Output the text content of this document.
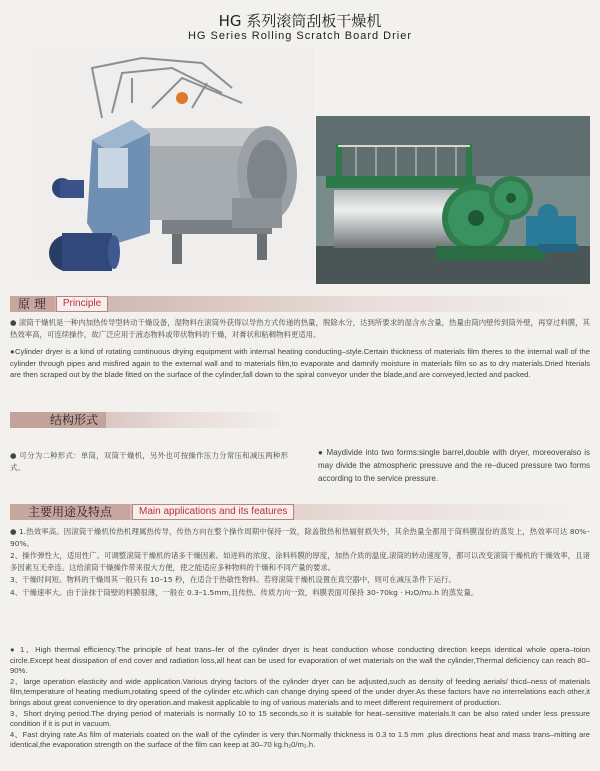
HG 系列滚筒刮板干燥机
HG Series Rolling Scratch Board Drier
原 理	Principle
● 滚筒干燥机是一种内加热传导型转动干燥设备，湿物料在滚筒外获得以导热方式传递的热量，脱除水分，达到所要求的湿含水含量，热量由筒内壁传到筒外壁，再穿过料膜，其热效率高，可连续操作，故广泛应用于液态物料或带状物料的干燥，对膏状和粘稠物料更适用。
●Cylinder dryer is a kind of rotating continuous drying equipment with internal heating conducting–style.Certain thickness of materials film theres to the internal wall of the cylinder through pipes and misfired again to the external wall and to materials film,to evaporate and damnify moisture in materials film so as to dry materials.Dried hterials are then scraped out by the blade fitted on the surface of the cylinder,fall down to the spiral conveyor under the blade,and are conveyed,lected and packed.
结构形式
● 可分为二种形式：单筒，双筒干燥机，另外也可按操作压力分常压和减压两种形式。
● Maydivide into two forms:single barrel,double with dryer, moreoveralso is may divide the atmospheric pressuve and the re–duced pressure two forms according to the service pressure.
主要用途及特点	Main applications and its features
● 1.热效率高。因滚筒干燥机传热机理属热传导，传热方向在整个操作周期中保持一致，除盖散热和热辐射损失外，其余热量全都用于筒料膜湿份的蒸发上，热效率可达 80%–90%。
2、操作弹性大，适用性广。可调整滚筒干燥机的诸多干燥因素。如进料的浓度、涂料料膜的厚度，加热介质的温度,滚筒的转动速度等，都可以改变滚筒干燥机的干燥效率，且诸多因素互无牵连。这给滚筒干燥操作带来很大方便，使之能适应多种物料的干燥和不同产量的要求。
3、干燥时间短。物料的干燥周其一般只有 10–15 秒，在适合于热敏性物料。若将滚筒干燥机设置在真空器中，则可在减压条件下运行。
4、干燥速率大。由于涂抹于筒壁的料膜很薄，一般在 0.3–1.5mm,且传热、传质方向一致，料膜表面可保持 30–70kg · H₂O/m₂.h 的蒸发量。
● 1、High thermal efficiency.The principle of heat trans–fer of the cylinder dryer is heat conduction whose conducting direction keeps identical whole opera–toion circle.Except heat dissipation of end cover and radiation loss,all heat can be used for evaporation of wet materials on the wall the cylinder,Thermal deficiency can reach 80–90%.
2、large operation elasticity and wide application.Various drying factors of the cylinder dryer can be adjusted,such as density of feeding aerials/ thicd–ness of materials film,temperature of heating medium,rotating speed of the cylinder etc.which can change drying speed of the under dryer.As these factors have no interrelations each other,it brings about great convenience to dry operation.and makesit applicable to ing of various materials and to meet different requirement of production.
3、Short drying period.The drying period of materials is normally 10 to 15 seconds,so it is suitable for heat–sensitive materials.It can be also rated under less pressure condition if it is put in vacuum.
4、Fast drying rate.As film of materials coated on the wall of the cylinder is very thin.Normally thickness is 0.3 to 1.5 mm .plus directions heat and mass trans–mitting are identical,the evaporation strength on the surface of the film can keep at 30–70 kg.h₂0/m₂.h.
